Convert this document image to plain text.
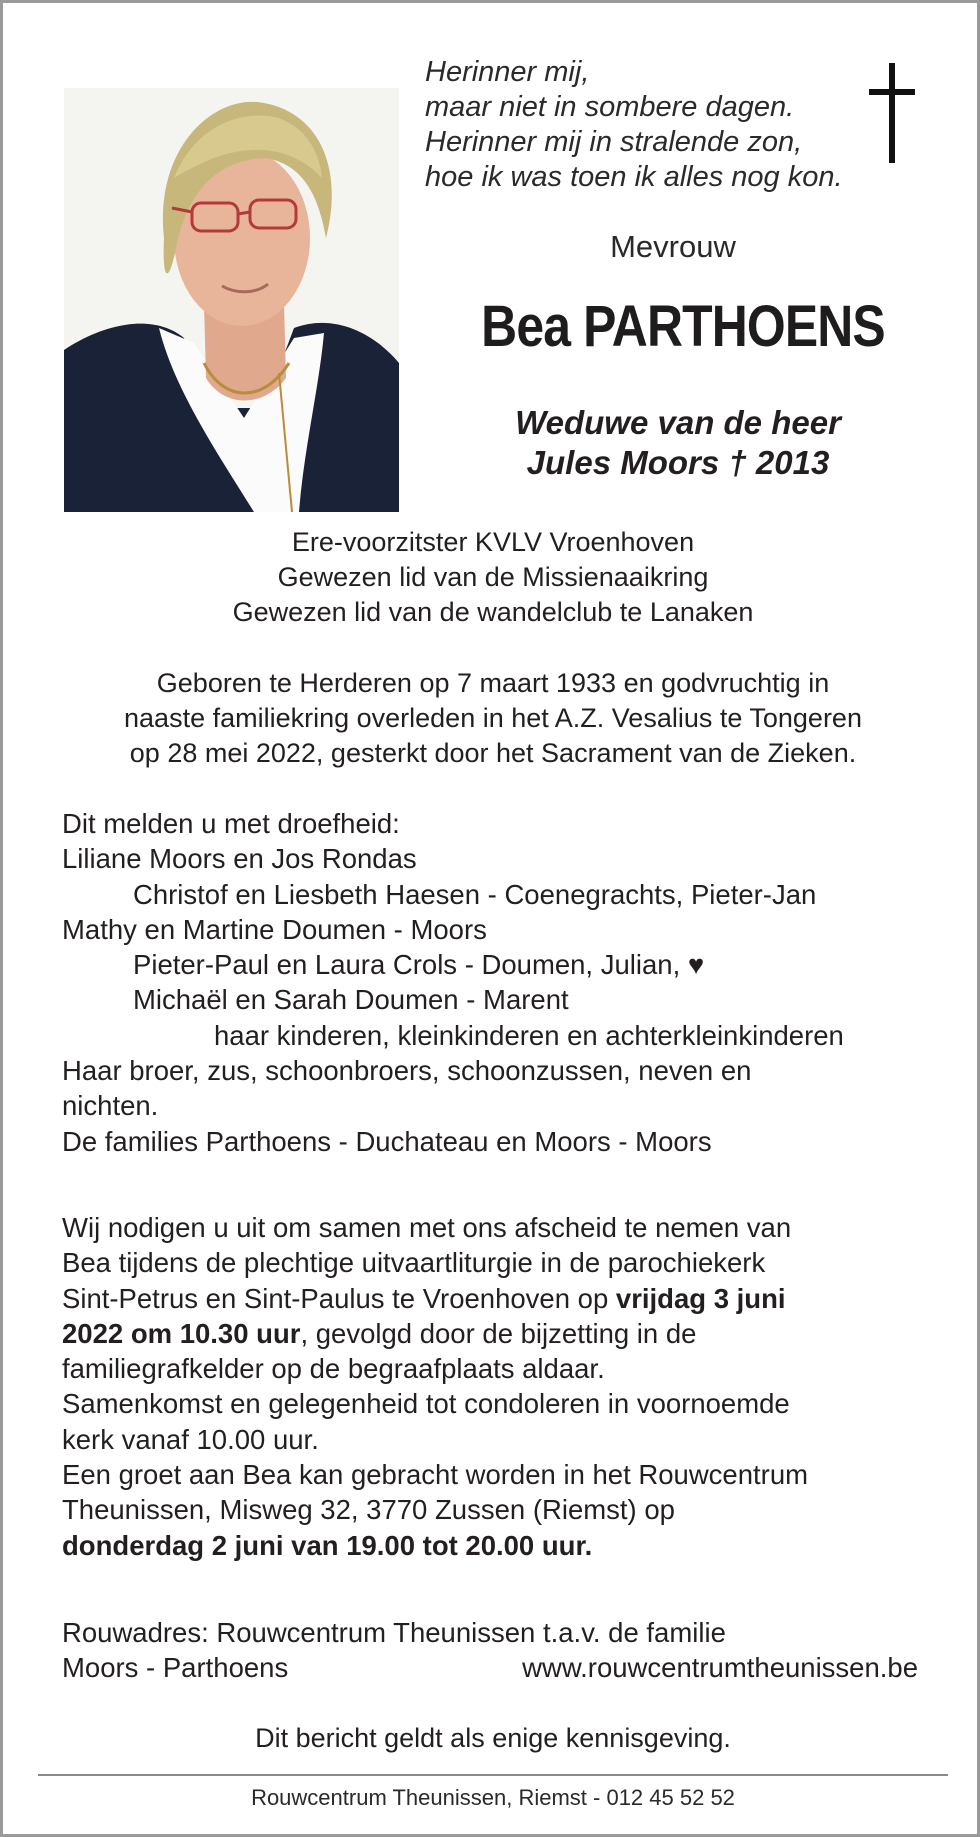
Herinner mij,
maar niet in sombere dagen.
Herinner mij in stralende zon,
hoe ik was toen ik alles nog kon.
Mevrouw
Bea PARTHOENS
Weduwe van de heer
Jules Moors † 2013
Ere-voorzitster KVLV Vroenhoven
Gewezen lid van de Missienaaikring
Gewezen lid van de wandelclub te Lanaken
Geboren te Herderen op 7 maart 1933 en godvruchtig in
naaste familiekring overleden in het A.Z. Vesalius te Tongeren
op 28 mei 2022, gesterkt door het Sacrament van de Zieken.
Dit melden u met droefheid:
Liliane Moors en Jos Rondas
Christof en Liesbeth Haesen - Coenegrachts, Pieter-Jan
Mathy en Martine Doumen - Moors
Pieter-Paul en Laura Crols - Doumen, Julian, ♥
Michaël en Sarah Doumen - Marent
haar kinderen, kleinkinderen en achterkleinkinderen
Haar broer, zus, schoonbroers, schoonzussen, neven en
nichten.
De families Parthoens - Duchateau en Moors - Moors
Wij nodigen u uit om samen met ons afscheid te nemen van
Bea tijdens de plechtige uitvaartliturgie in de parochiekerk
Sint-Petrus en Sint-Paulus te Vroenhoven op vrijdag 3 juni
2022 om 10.30 uur, gevolgd door de bijzetting in de
familiegrafkelder op de begraafplaats aldaar.
Samenkomst en gelegenheid tot condoleren in voornoemde
kerk vanaf 10.00 uur.
Een groet aan Bea kan gebracht worden in het Rouwcentrum
Theunissen, Misweg 32, 3770 Zussen (Riemst) op
donderdag 2 juni van 19.00 tot 20.00 uur.
Rouwadres: Rouwcentrum Theunissen t.a.v. de familie
Moors - Parthoens	www.rouwcentrumtheunissen.be
Dit bericht geldt als enige kennisgeving.
Rouwcentrum Theunissen, Riemst - 012 45 52 52
